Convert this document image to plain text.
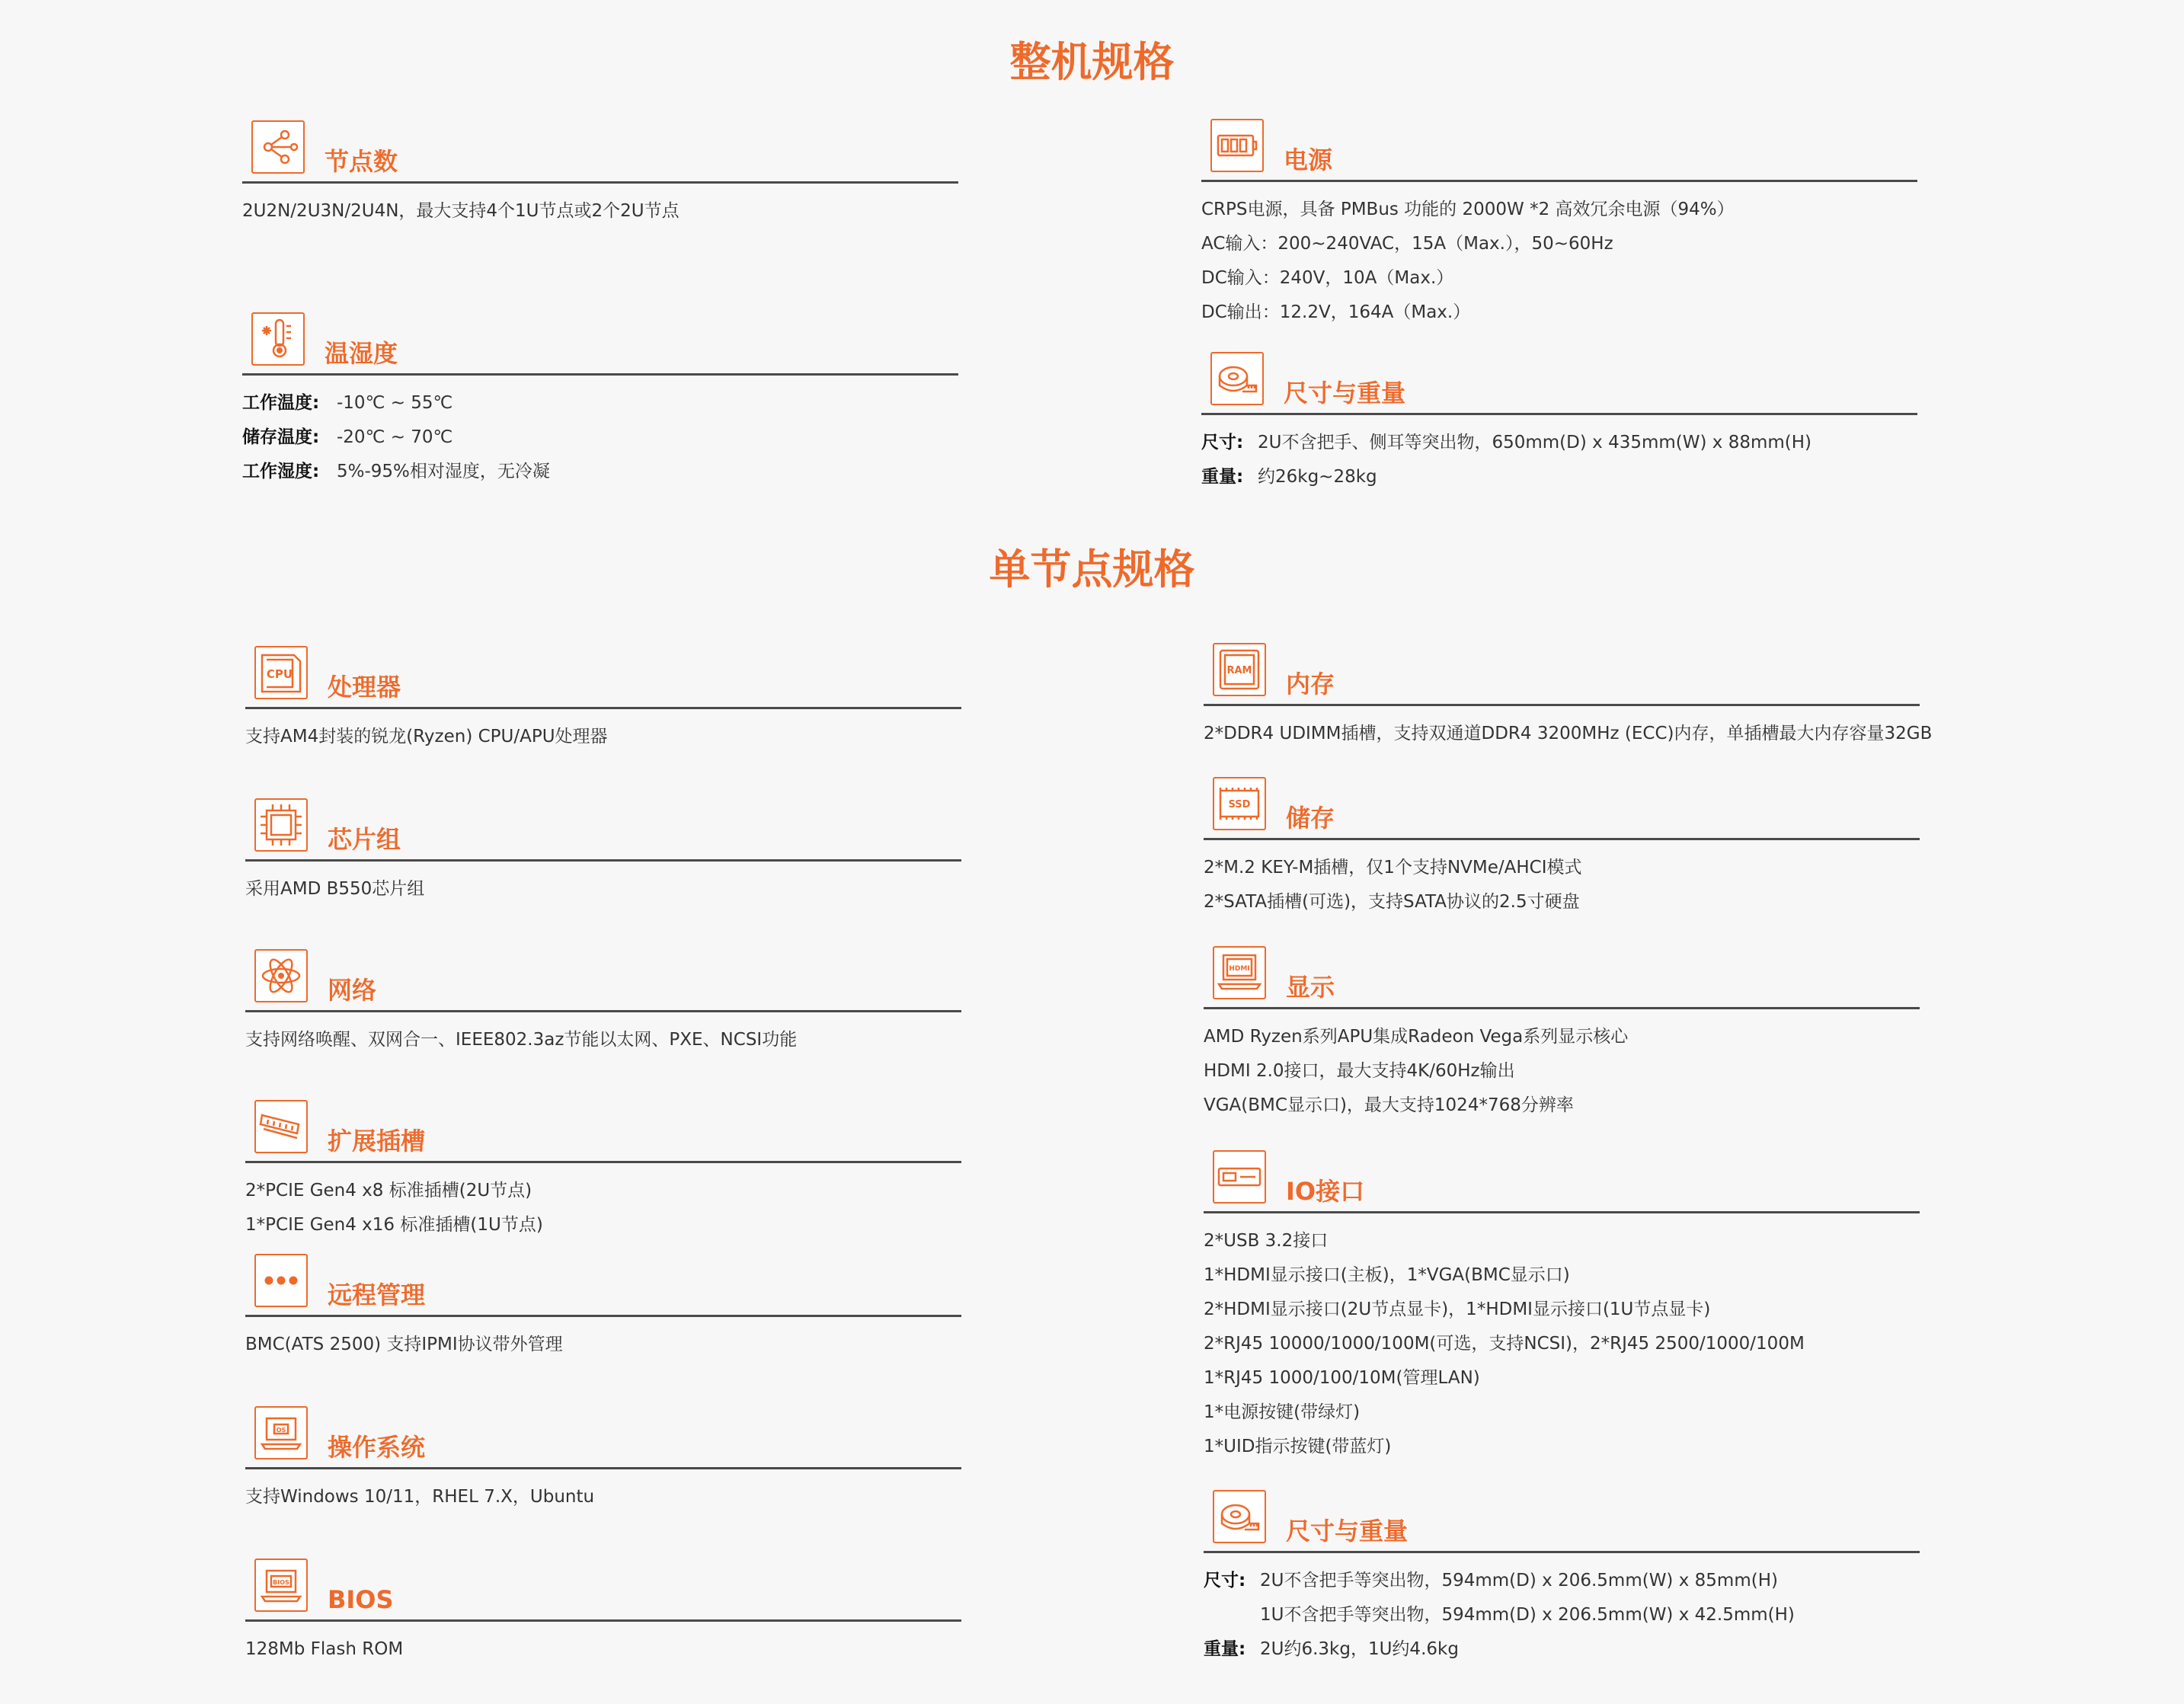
整机规格
节点数
2U2N/2U3N/2U4N，最大支持4个1U节点或2个2U节点
温湿度
工作温度: -10℃ ~ 55℃
储存温度: -20℃ ~ 70℃
工作湿度: 5%-95%相对湿度，无冷凝
电源
CRPS电源，具备 PMBus 功能的 2000W *2 高效冗余电源（94%）
AC输入：200~240VAC，15A（Max.），50~60Hz
DC输入：240V，10A（Max.）
DC输出：12.2V，164A（Max.）
尺寸与重量
尺寸: 2U不含把手、侧耳等突出物，650mm(D) x 435mm(W) x 88mm(H)
重量: 约26kg~28kg
单节点规格
CPU 处理器
支持AM4封装的锐龙(Ryzen) CPU/APU处理器
芯片组
采用AMD B550芯片组
网络
支持网络唤醒、双网合一、IEEE802.3az节能以太网、PXE、NCSI功能
扩展插槽
2*PCIE Gen4 x8 标准插槽(2U节点)
1*PCIE Gen4 x16 标准插槽(1U节点)
远程管理
BMC(ATS 2500) 支持IPMI协议带外管理
OS
操作系统
支持Windows 10/11，RHEL 7.X，Ubuntu
BIOS
BIOS
128Mb Flash ROM
RAM 内存
2*DDR4 UDIMM插槽，支持双通道DDR4 3200MHz (ECC)内存，单插槽最大内存容量32GB
SSD 储存
2*M.2 KEY-M插槽，仅1个支持NVMe/AHCI模式
2*SATA插槽(可选)，支持SATA协议的2.5寸硬盘
HDMI
显示
AMD Ryzen系列APU集成Radeon Vega系列显示核心
HDMI 2.0接口，最大支持4K/60Hz输出
VGA(BMC显示口)，最大支持1024*768分辨率
IO接口
2*USB 3.2接口
1*HDMI显示接口(主板)，1*VGA(BMC显示口)
2*HDMI显示接口(2U节点显卡)，1*HDMI显示接口(1U节点显卡)
2*RJ45 10000/1000/100M(可选，支持NCSI)，2*RJ45 2500/1000/100M
1*RJ45 1000/100/10M(管理LAN)
1*电源按键(带绿灯)
1*UID指示按键(带蓝灯)
尺寸与重量
尺寸: 2U不含把手等突出物，594mm(D) x 206.5mm(W) x 85mm(H)
1U不含把手等突出物，594mm(D) x 206.5mm(W) x 42.5mm(H)
重量: 2U约6.3kg，1U约4.6kg
